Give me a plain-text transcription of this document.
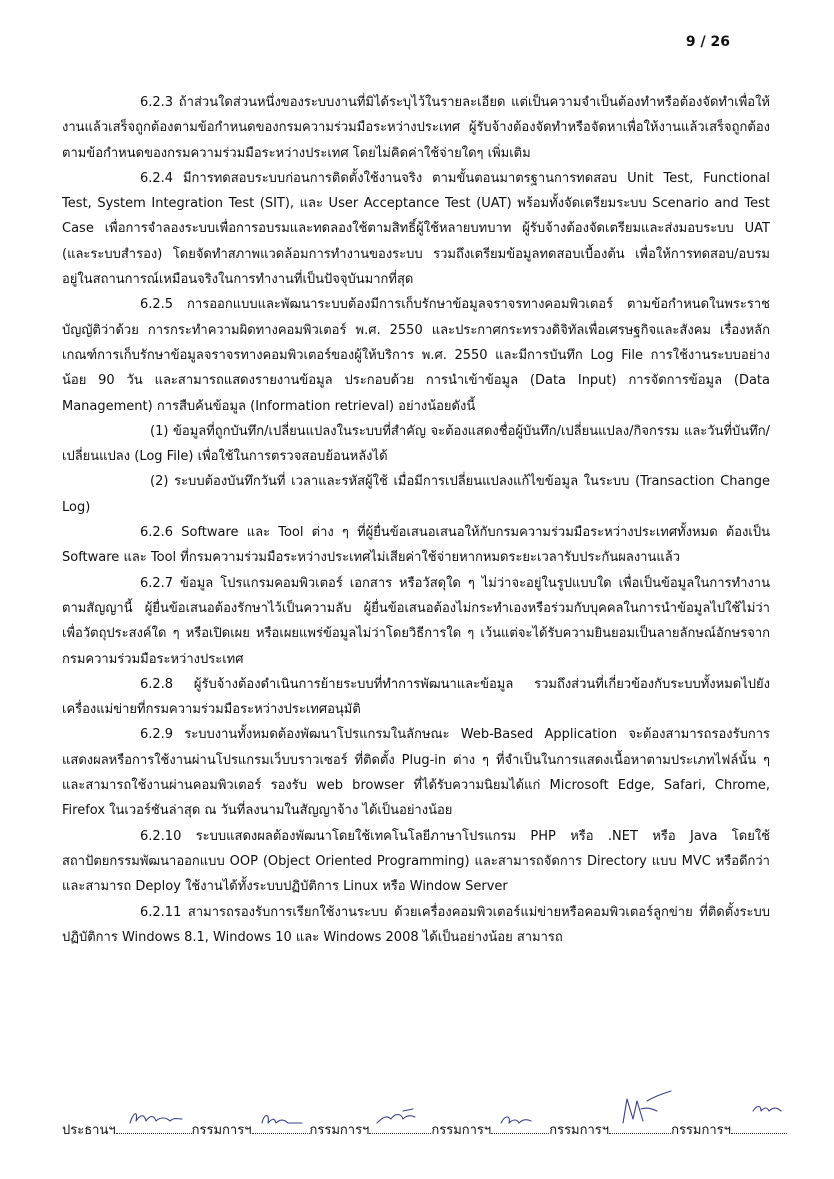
9 / 26

6.2.3 ถ้าส่วนใดส่วนหนึ่งของระบบงานที่มิได้ระบุไว้ในรายละเอียด แต่เป็นความจำเป็นต้องทำหรือต้องจัดทำเพื่อให้งานแล้วเสร็จถูกต้องตามข้อกำหนดของกรมความร่วมมือระหว่างประเทศ ผู้รับจ้างต้องจัดทำหรือจัดหาเพื่อให้งานแล้วเสร็จถูกต้องตามข้อกำหนดของกรมความร่วมมือระหว่างประเทศ โดยไม่คิดค่าใช้จ่ายใดๆ เพิ่มเติม

6.2.4 มีการทดสอบระบบก่อนการติดตั้งใช้งานจริง ตามขั้นตอนมาตรฐานการทดสอบ Unit Test, Functional Test, System Integration Test (SIT), และ User Acceptance Test (UAT) พร้อมทั้งจัดเตรียมระบบ Scenario and Test Case เพื่อการจำลองระบบเพื่อการอบรมและทดลองใช้ตามสิทธิ์ผู้ใช้หลายบทบาท ผู้รับจ้างต้องจัดเตรียมและส่งมอบระบบ UAT (และระบบสำรอง) โดยจัดทำสภาพแวดล้อมการทำงานของระบบ รวมถึงเตรียมข้อมูลทดสอบเบื้องต้น เพื่อให้การทดสอบ/อบรม อยู่ในสถานการณ์เหมือนจริงในการทำงานที่เป็นปัจจุบันมากที่สุด

6.2.5 การออกแบบและพัฒนาระบบต้องมีการเก็บรักษาข้อมูลจราจรทางคอมพิวเตอร์ ตามข้อกำหนดในพระราชบัญญัติว่าด้วย การกระทำความผิดทางคอมพิวเตอร์ พ.ศ. 2550 และประกาศกระทรวงดิจิทัลเพื่อเศรษฐกิจและสังคม เรื่องหลักเกณฑ์การเก็บรักษาข้อมูลจราจรทางคอมพิวเตอร์ของผู้ให้บริการ พ.ศ. 2550 และมีการบันทึก Log File การใช้งานระบบอย่างน้อย 90 วัน และสามารถแสดงรายงานข้อมูล ประกอบด้วย การนำเข้าข้อมูล (Data Input) การจัดการข้อมูล (Data Management) การสืบค้นข้อมูล (Information retrieval) อย่างน้อยดังนี้

(1) ข้อมูลที่ถูกบันทึก/เปลี่ยนแปลงในระบบที่สำคัญ จะต้องแสดงชื่อผู้บันทึก/เปลี่ยนแปลง/กิจกรรม และวันที่บันทึก/เปลี่ยนแปลง (Log File) เพื่อใช้ในการตรวจสอบย้อนหลังได้

(2) ระบบต้องบันทึกวันที่ เวลาและรหัสผู้ใช้ เมื่อมีการเปลี่ยนแปลงแก้ไขข้อมูล ในระบบ (Transaction Change Log)

6.2.6 Software และ Tool ต่าง ๆ ที่ผู้ยื่นข้อเสนอเสนอให้กับกรมความร่วมมือระหว่างประเทศทั้งหมด ต้องเป็น Software และ Tool ที่กรมความร่วมมือระหว่างประเทศไม่เสียค่าใช้จ่ายหากหมดระยะเวลารับประกันผลงานแล้ว

6.2.7 ข้อมูล โปรแกรมคอมพิวเตอร์ เอกสาร หรือวัสดุใด ๆ ไม่ว่าจะอยู่ในรูปแบบใด เพื่อเป็นข้อมูลในการทำงานตามสัญญานี้ ผู้ยื่นข้อเสนอต้องรักษาไว้เป็นความลับ ผู้ยื่นข้อเสนอต้องไม่กระทำเองหรือร่วมกับบุคคลในการนำข้อมูลไปใช้ไม่ว่าเพื่อวัตถุประสงค์ใด ๆ หรือเปิดเผย หรือเผยแพร่ข้อมูลไม่ว่าโดยวิธีการใด ๆ เว้นแต่จะได้รับความยินยอมเป็นลายลักษณ์อักษรจากกรมความร่วมมือระหว่างประเทศ

6.2.8 ผู้รับจ้างต้องดำเนินการย้ายระบบที่ทำการพัฒนาและข้อมูล รวมถึงส่วนที่เกี่ยวข้องกับระบบทั้งหมดไปยังเครื่องแม่ข่ายที่กรมความร่วมมือระหว่างประเทศอนุมัติ

6.2.9 ระบบงานทั้งหมดต้องพัฒนาโปรแกรมในลักษณะ Web-Based Application จะต้องสามารถรองรับการแสดงผลหรือการใช้งานผ่านโปรแกรมเว็บบราวเซอร์ ที่ติดตั้ง Plug-in ต่าง ๆ ที่จำเป็นในการแสดงเนื้อหาตามประเภทไฟล์นั้น ๆ และสามารถใช้งานผ่านคอมพิวเตอร์ รองรับ web browser ที่ได้รับความนิยมได้แก่ Microsoft Edge, Safari, Chrome, Firefox ในเวอร์ชันล่าสุด ณ วันที่ลงนามในสัญญาจ้าง ได้เป็นอย่างน้อย

6.2.10 ระบบแสดงผลต้องพัฒนาโดยใช้เทคโนโลยีภาษาโปรแกรม PHP หรือ .NET หรือ Java โดยใช้สถาปัตยกรรมพัฒนาออกแบบ OOP (Object Oriented Programming) และสามารถจัดการ Directory แบบ MVC หรือดีกว่า และสามารถ Deploy ใช้งานได้ทั้งระบบปฏิบัติการ Linux หรือ Window Server

6.2.11 สามารถรองรับการเรียกใช้งานระบบ ด้วยเครื่องคอมพิวเตอร์แม่ข่ายหรือคอมพิวเตอร์ลูกข่าย ที่ติดตั้งระบบปฏิบัติการ Windows 8.1, Windows 10 และ Windows 2008 ได้เป็นอย่างน้อย สามารถ

ประธานฯ	กรรมการฯ	กรรมการฯ	กรรมการฯ	กรรมการฯ	กรรมการฯ
